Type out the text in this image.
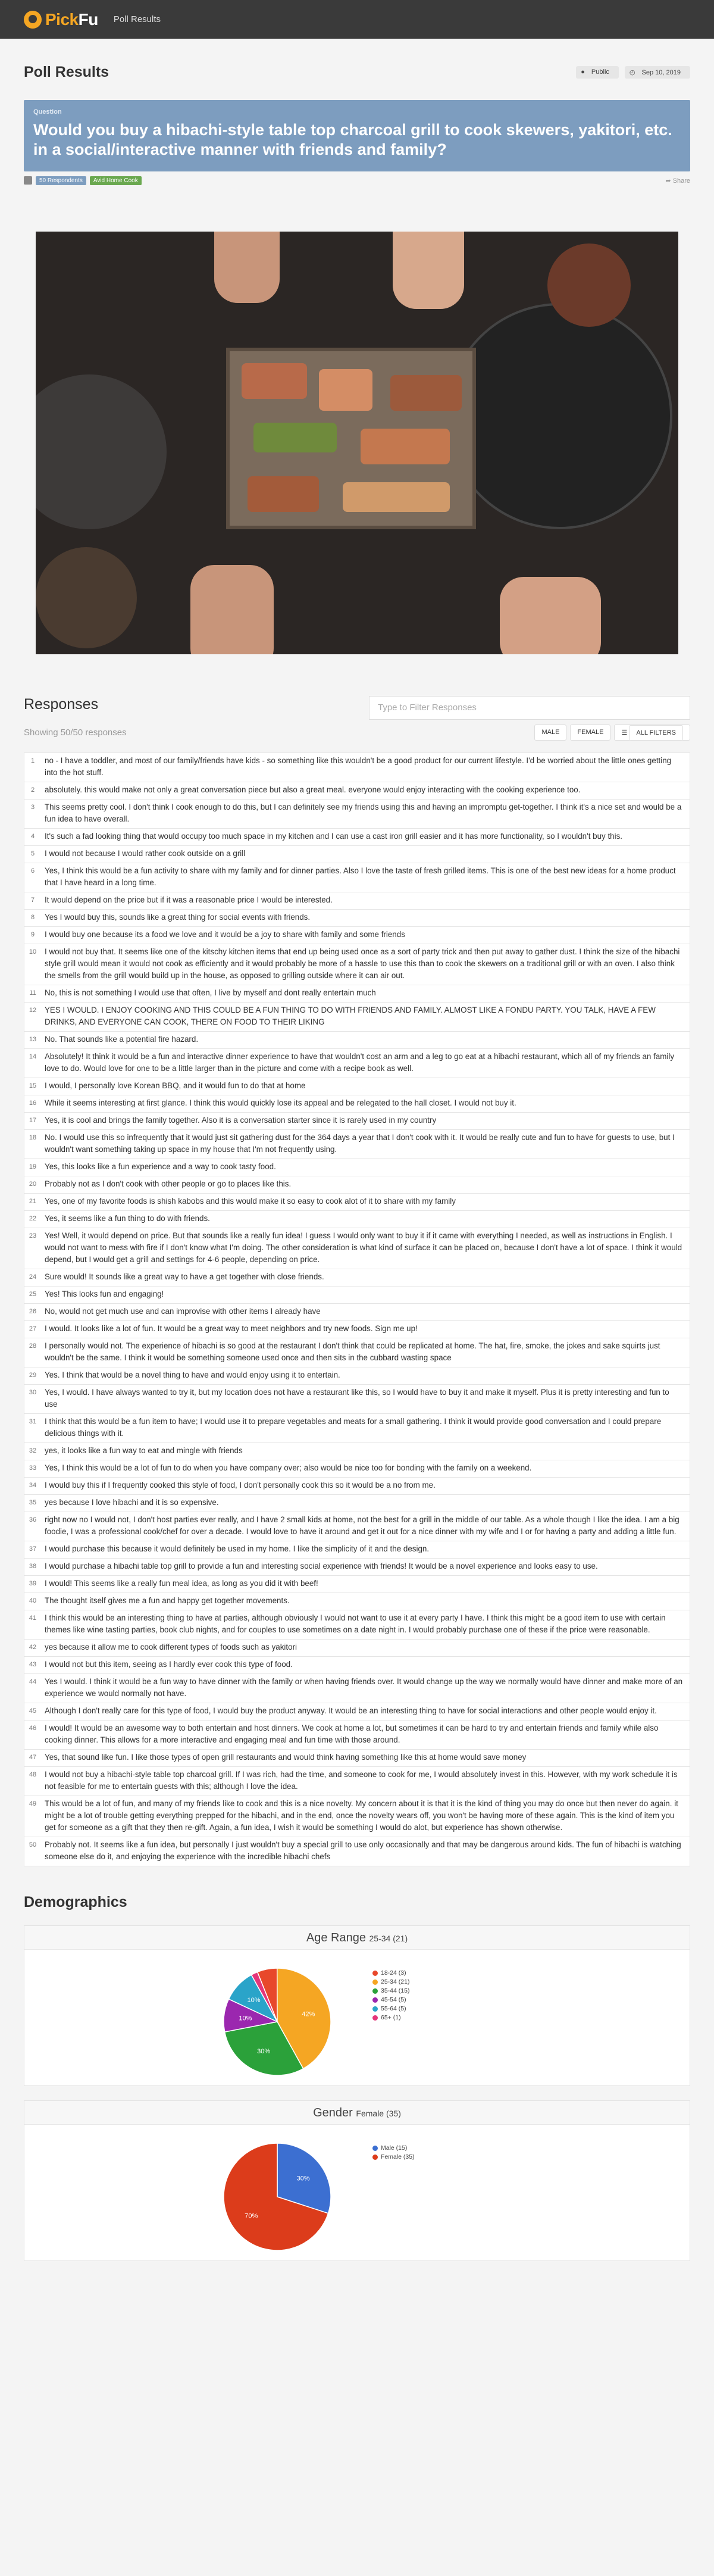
PickFu Poll Results
Poll Results	● Public	◴ Sep 10, 2019
Question
Would you buy a hibachi-style table top charcoal grill to cook skewers, yakitori, etc. in a social/interactive manner with friends and family?
50 Respondents	Avid Home Cook	➦ Share
Responses	Type to Filter Responses
Showing 50/50 responses	MALE	FEMALE	☰ ALL FILTERS
1	no - I have a toddler, and most of our family/friends have kids - so something like this wouldn't be a good product for our current lifestyle. I'd be worried about the little ones getting into the hot stuff.
2	absolutely. this would make not only a great conversation piece but also a great meal. everyone would enjoy interacting with the cooking experience too.
3	This seems pretty cool. I don't think I cook enough to do this, but I can definitely see my friends using this and having an impromptu get-together. I think it's a nice set and would be a fun idea to have overall.
4	It's such a fad looking thing that would occupy too much space in my kitchen and I can use a cast iron grill easier and it has more functionality, so I wouldn't buy this.
5	I would not because I would rather cook outside on a grill
6	Yes, I think this would be a fun activity to share with my family and for dinner parties. Also I love the taste of fresh grilled items. This is one of the best new ideas for a home product that I have heard in a long time.
7	It would depend on the price but if it was a reasonable price I would be interested.
8	Yes I would buy this, sounds like a great thing for social events with friends.
9	I would buy one because its a food we love and it would be a joy to share with family and some friends
10	I would not buy that. It seems like one of the kitschy kitchen items that end up being used once as a sort of party trick and then put away to gather dust. I think the size of the hibachi style grill would mean it would not cook as efficiently and it would probably be more of a hassle to use this than to cook the skewers on a traditional grill or with an oven. I also think the smells from the grill would build up in the house, as opposed to grilling outside where it can air out.
11	No, this is not something I would use that often, I live by myself and dont really entertain much
12	YES I WOULD. I ENJOY COOKING AND THIS COULD BE A FUN THING TO DO WITH FRIENDS AND FAMILY. ALMOST LIKE A FONDU PARTY. YOU TALK, HAVE A FEW DRINKS, AND EVERYONE CAN COOK, THERE ON FOOD TO THEIR LIKING
13	No. That sounds like a potential fire hazard.
14	Absolutely! It think it would be a fun and interactive dinner experience to have that wouldn't cost an arm and a leg to go eat at a hibachi restaurant, which all of my friends an family love to do. Would love for one to be a little larger than in the picture and come with a recipe book as well.
15	I would, I personally love Korean BBQ, and it would fun to do that at home
16	While it seems interesting at first glance. I think this would quickly lose its appeal and be relegated to the hall closet. I would not buy it.
17	Yes, it is cool and brings the family together. Also it is a conversation starter since it is rarely used in my country
18	No. I would use this so infrequently that it would just sit gathering dust for the 364 days a year that I don't cook with it. It would be really cute and fun to have for guests to use, but I wouldn't want something taking up space in my house that I'm not frequently using.
19	Yes, this looks like a fun experience and a way to cook tasty food.
20	Probably not as I don't cook with other people or go to places like this.
21	Yes, one of my favorite foods is shish kabobs and this would make it so easy to cook alot of it to share with my family
22	Yes, it seems like a fun thing to do with friends.
23	Yes! Well, it would depend on price. But that sounds like a really fun idea! I guess I would only want to buy it if it came with everything I needed, as well as instructions in English. I would not want to mess with fire if I don't know what I'm doing. The other consideration is what kind of surface it can be placed on, because I don't have a lot of space. I think it would depend, but I would get a grill and settings for 4-6 people, depending on price.
24	Sure would! It sounds like a great way to have a get together with close friends.
25	Yes! This looks fun and engaging!
26	No, would not get much use and can improvise with other items I already have
27	I would. It looks like a lot of fun. It would be a great way to meet neighbors and try new foods. Sign me up!
28	I personally would not. The experience of hibachi is so good at the restaurant I don't think that could be replicated at home. The hat, fire, smoke, the jokes and sake squirts just wouldn't be the same. I think it would be something someone used once and then sits in the cubbard wasting space
29	Yes. I think that would be a novel thing to have and would enjoy using it to entertain.
30	Yes, I would. I have always wanted to try it, but my location does not have a restaurant like this, so I would have to buy it and make it myself. Plus it is pretty interesting and fun to use
31	I think that this would be a fun item to have; I would use it to prepare vegetables and meats for a small gathering. I think it would provide good conversation and I could prepare delicious things with it.
32	yes, it looks like a fun way to eat and mingle with friends
33	Yes, I think this would be a lot of fun to do when you have company over; also would be nice too for bonding with the family on a weekend.
34	I would buy this if I frequently cooked this style of food, I don't personally cook this so it would be a no from me.
35	yes because I love hibachi and it is so expensive.
36	right now no I would not, I don't host parties ever really, and I have 2 small kids at home, not the best for a grill in the middle of our table. As a whole though I like the idea. I am a big foodie, I was a professional cook/chef for over a decade. I would love to have it around and get it out for a nice dinner with my wife and I or for having a party and adding a little fun.
37	I would purchase this because it would definitely be used in my home. I like the simplicity of it and the design.
38	I would purchase a hibachi table top grill to provide a fun and interesting social experience with friends! It would be a novel experience and looks easy to use.
39	I would! This seems like a really fun meal idea, as long as you did it with beef!
40	The thought itself gives me a fun and happy get together movements.
41	I think this would be an interesting thing to have at parties, although obviously I would not want to use it at every party I have. I think this might be a good item to use with certain themes like wine tasting parties, book club nights, and for couples to use sometimes on a date night in. I would probably purchase one of these if the price were reasonable.
42	yes because it allow me to cook different types of foods such as yakitori
43	I would not but this item, seeing as I hardly ever cook this type of food.
44	Yes I would. I think it would be a fun way to have dinner with the family or when having friends over. It would change up the way we normally would have dinner and make more of an experience we would normally not have.
45	Although I don't really care for this type of food, I would buy the product anyway. It would be an interesting thing to have for social interactions and other people would enjoy it.
46	I would! It would be an awesome way to both entertain and host dinners. We cook at home a lot, but sometimes it can be hard to try and entertain friends and family while also cooking dinner. This allows for a more interactive and engaging meal and fun time with those around.
47	Yes, that sound like fun. I like those types of open grill restaurants and would think having something like this at home would save money
48	I would not buy a hibachi-style table top charcoal grill. If I was rich, had the time, and someone to cook for me, I would absolutely invest in this. However, with my work schedule it is not feasible for me to entertain guests with this; although I love the idea.
49	This would be a lot of fun, and many of my friends like to cook and this is a nice novelty. My concern about it is that it is the kind of thing you may do once but then never do again. it might be a lot of trouble getting everything prepped for the hibachi, and in the end, once the novelty wears off, you won't be having more of these again. This is the kind of item you get for someone as a gift that they then re-gift. Again, a fun idea, I wish it would be something I would do alot, but experience has shown otherwise.
50	Probably not. It seems like a fun idea, but personally I just wouldn't buy a special grill to use only occasionally and that may be dangerous around kids. The fun of hibachi is watching someone else do it, and enjoying the experience with the incredible hibachi chefs
Demographics
Age Range 25-34 (21)
42%
30%
10%
10%
18-24 (3)
25-34 (21)
35-44 (15)
45-54 (5)
55-64 (5)
65+ (1)
Gender Female (35)
30%
70%
Male (15)
Female (35)
